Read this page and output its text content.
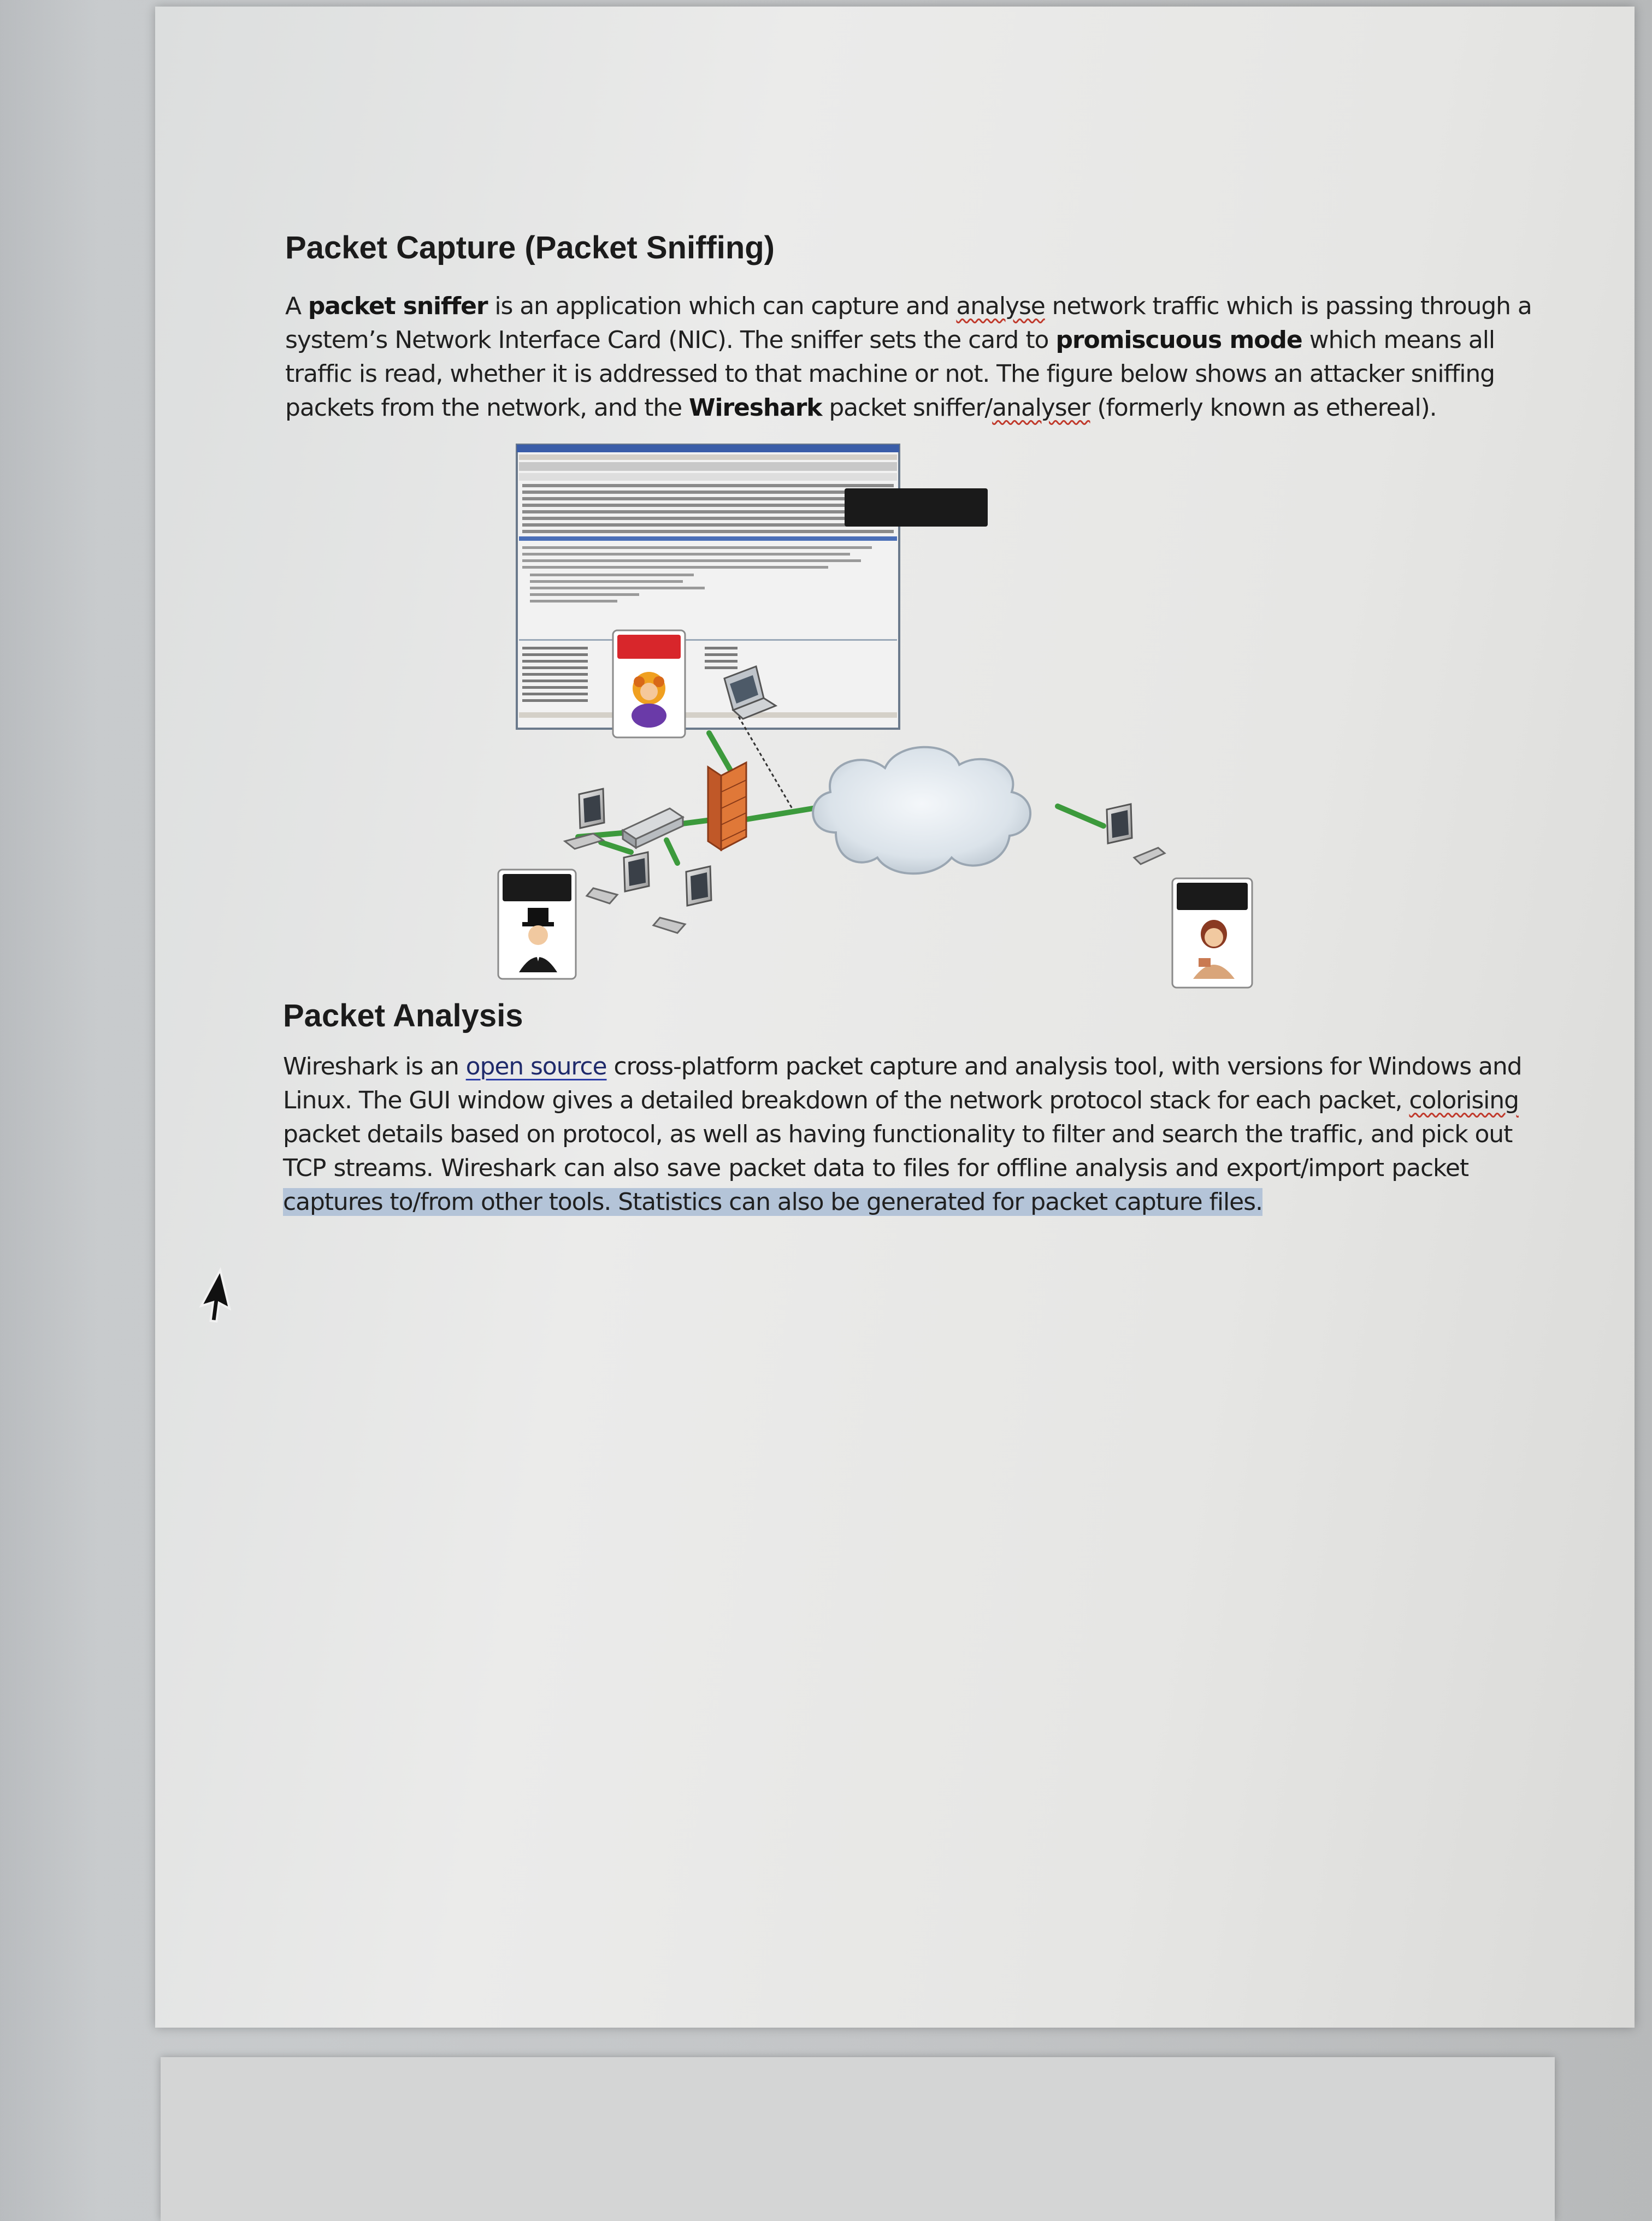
Packet Capture (Packet Sniffing)
A packet sniffer is an application which can capture and analyse network traffic which is passing through a
system’s Network Interface Card (NIC). The sniffer sets the card to promiscuous mode which means all
traffic is read, whether it is addressed to that machine or not. The figure below shows an attacker sniffing
packets from the network, and the Wireshark packet sniffer/analyser (formerly known as ethereal).
Packet Analysis
Wireshark is an open source cross-platform packet capture and analysis tool, with versions for Windows and
Linux. The GUI window gives a detailed breakdown of the network protocol stack for each packet, colorising
packet details based on protocol, as well as having functionality to filter and search the traffic, and pick out
TCP streams. Wireshark can also save packet data to files for offline analysis and export/import packet
captures to/from other tools. Statistics can also be generated for packet capture files.
